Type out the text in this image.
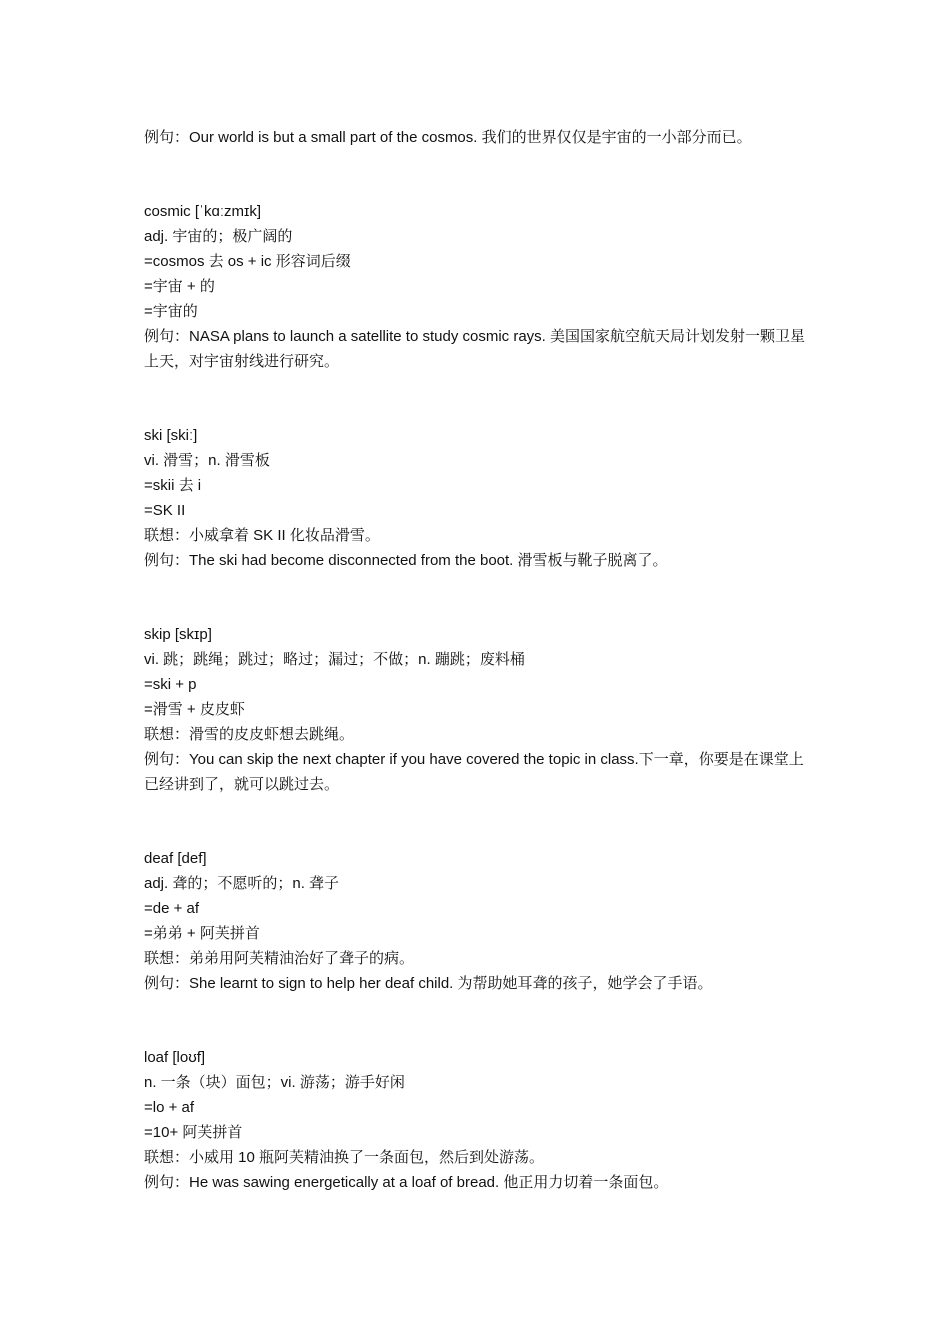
例句：Our world is but a small part of the cosmos. 我们的世界仅仅是宇宙的一小部分而已。
cosmic [ˈkɑːzmɪk]
adj. 宇宙的；极广阔的
=cosmos 去 os + ic 形容词后缀
=宇宙 + 的
=宇宙的
例句：NASA plans to launch a satellite to study cosmic rays. 美国国家航空航天局计划发射一颗卫星上天，对宇宙射线进行研究。
ski [skiː]
vi. 滑雪；n. 滑雪板
=skii 去 i
=SK II
联想：小威拿着 SK II 化妆品滑雪。
例句：The ski had become disconnected from the boot. 滑雪板与靴子脱离了。
skip [skɪp]
vi. 跳；跳绳；跳过；略过；漏过；不做；n. 蹦跳；废料桶
=ski + p
=滑雪 + 皮皮虾
联想：滑雪的皮皮虾想去跳绳。
例句：You can skip the next chapter if you have covered the topic in class.下一章，你要是在课堂上已经讲到了，就可以跳过去。
deaf [def]
adj. 聋的；不愿听的；n. 聋子
=de + af
=弟弟 + 阿芙拼首
联想：弟弟用阿芙精油治好了聋子的病。
例句：She learnt to sign to help her deaf child. 为帮助她耳聋的孩子，她学会了手语。
loaf [loʊf]
n. 一条（块）面包；vi. 游荡；游手好闲
=lo + af
=10+ 阿芙拼首
联想：小威用 10 瓶阿芙精油换了一条面包，然后到处游荡。
例句：He was sawing energetically at a loaf of bread. 他正用力切着一条面包。
